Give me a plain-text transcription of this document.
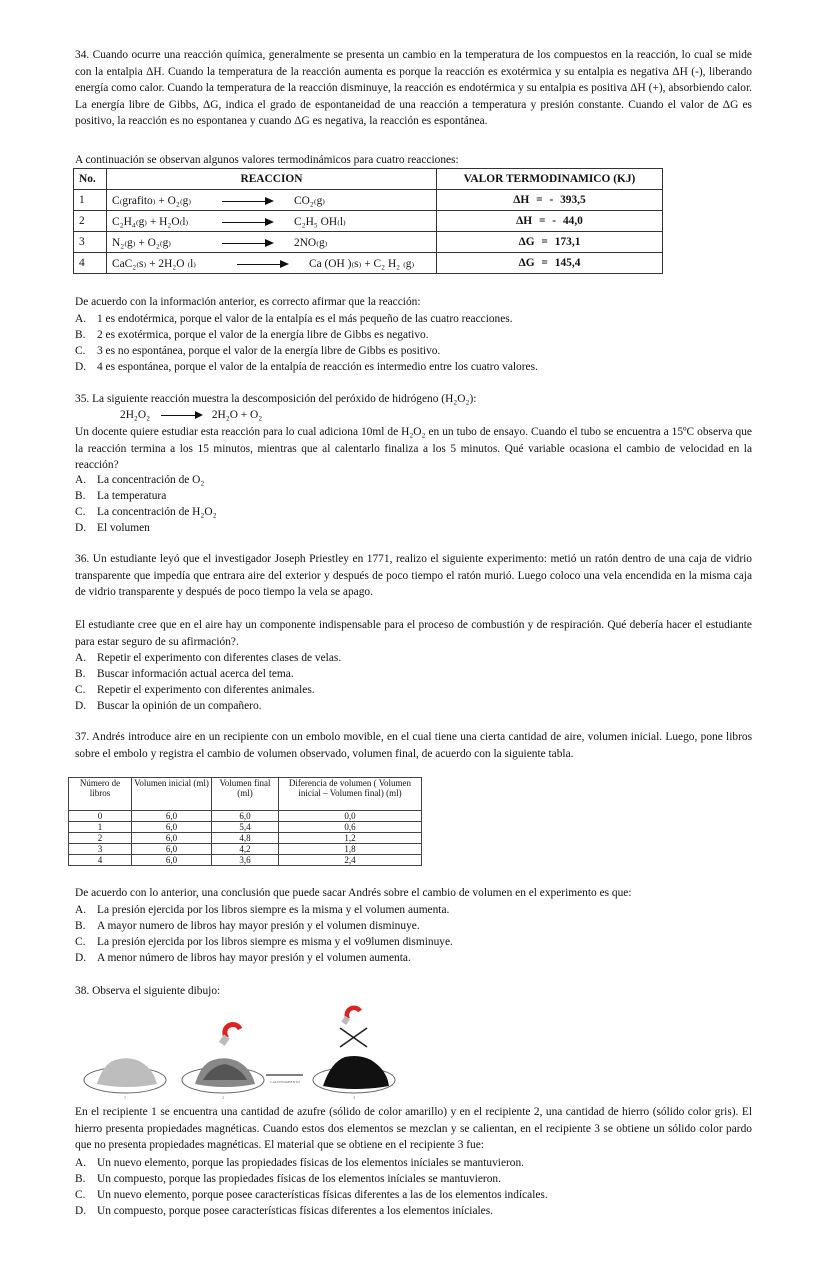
34. Cuando ocurre una reacción química, generalmente se presenta un cambio en la temperatura de los compuestos en la reacción, lo cual se mide con la entalpia ΔH. Cuando la temperatura de la reacción aumenta es porque la reacción es exotérmica y su entalpia es negativa ΔH (-), liberando energía como calor. Cuando la temperatura de la reacción disminuye, la reacción es endotérmica y su entalpia es positiva ΔH (+), absorbiendo calor. La energía libre de Gibbs, ΔG, indica el grado de espontaneidad de una reacción a temperatura y presión constante. Cuando el valor de ΔG es positivo, la reacción es no espontanea y cuando ΔG es negativa, la reacción es espontánea.
A continuación se observan algunos valores termodinámicos para cuatro reacciones:
No.	REACCION	VALOR TERMODINAMICO (KJ)
1	C₍grafito₎ + O₂₍g₎ CO₂₍g₎	ΔH = - 393,5
2	C₂H₄₍g₎ + H₂O₍l₎ C₂H₅ OH₍l₎	ΔH = - 44,0
3	N₂₍g₎ + O₂₍g₎ 2NO₍g₎	ΔG = 173,1
4	CaC₂₍s₎ + 2H₂O ₍l₎ Ca (OH )₍s₎ + C₂ H₂ ₍g₎	ΔG = 145,4
De acuerdo con la información anterior, es correcto afirmar que la reacción:
A. 1 es endotérmica, porque el valor de la entalpía es el más pequeño de las cuatro reacciones.
B.	2 es exotérmica, porque el valor de la energía libre de Gibbs es negativo.
C.	3 es no espontánea, porque el valor de la energía libre de Gibbs es positivo.
D. 4 es espontánea, porque el valor de la entalpía de reacción es intermedio entre los cuatro valores.
35. La siguiente reacción muestra la descomposición del peróxido de hidrógeno (H₂O₂):
2H₂O₂	2H₂O + O₂
Un docente quiere estudiar esta reacción para lo cual adiciona 10ml de H₂O₂ en un tubo de ensayo. Cuando el tubo se encuentra a 15ºC observa que la reacción termina a los 15 minutos, mientras que al calentarlo finaliza a los 5 minutos. Qué variable ocasiona el cambio de velocidad en la reacción?
A. La concentración de O₂
B.	La temperatura
C.	La concentración de H₂O₂
D. El volumen
36. Un estudiante leyó que el investigador Joseph Priestley en 1771, realizo el siguiente experimento: metió un ratón dentro de una caja de vidrio transparente que impedía que entrara aire del exterior y después de poco tiempo el ratón murió. Luego coloco una vela encendida en la misma caja de vidrio transparente y después de poco tiempo la vela se apago.
El estudiante cree que en el aire hay un componente indispensable para el proceso de combustión y de respiración. Qué debería hacer el estudiante para estar seguro de su afirmación?.
A. Repetir el experimento con diferentes clases de velas.
B.	Buscar información actual acerca del tema.
C.	Repetir el experimento con diferentes animales.
D. Buscar la opinión de un compañero.
37. Andrés introduce aire en un recipiente con un embolo movible, en el cual tiene una cierta cantidad de aire, volumen inicial. Luego, pone libros sobre el embolo y registra el cambio de volumen observado, volumen final, de acuerdo con la siguiente tabla.
Número de libros	Volumen inicial (ml)	Volumen final (ml)	Diferencia de volumen ( Volumen inicial – Volumen final) (ml)
0	6,0	6,0	0,0
1	6,0	5,4	0,6
2	6,0	4,8	1,2
3	6,0	4,2	1,8
4	6,0	3,6	2,4
De acuerdo con lo anterior, una conclusión que puede sacar Andrés sobre el cambio de volumen en el experimento es que:
A. La presión ejercida por los libros siempre es la misma y el volumen aumenta.
B.	A mayor numero de libros hay mayor presión y el volumen disminuye.
C.	La presión ejercida por los libros siempre es misma y el vo9lumen disminuye.
D. A menor número de libros hay mayor presión y el volumen aumenta.
38. Observa el siguiente dibujo:
CALENTAMIENTO
1	2	3
En el recipiente 1 se encuentra una cantidad de azufre (sólido de color amarillo) y en el recipiente 2, una cantidad de hierro (sólido color gris). El hierro presenta propiedades magnéticas. Cuando estos dos elementos se mezclan y se calientan, en el recipiente 3 se obtiene un sólido color pardo que no presenta propiedades magnéticas. El material que se obtiene en el recipiente 3 fue:
A. Un nuevo elemento, porque las propiedades físicas de los elementos iníciales se mantuvieron.
B.	Un compuesto, porque las propiedades físicas de los elementos iníciales se mantuvieron.
C.	Un nuevo elemento, porque posee características físicas diferentes a las de los elementos indícales.
D. Un compuesto, porque posee características físicas diferentes a los elementos iníciales.
